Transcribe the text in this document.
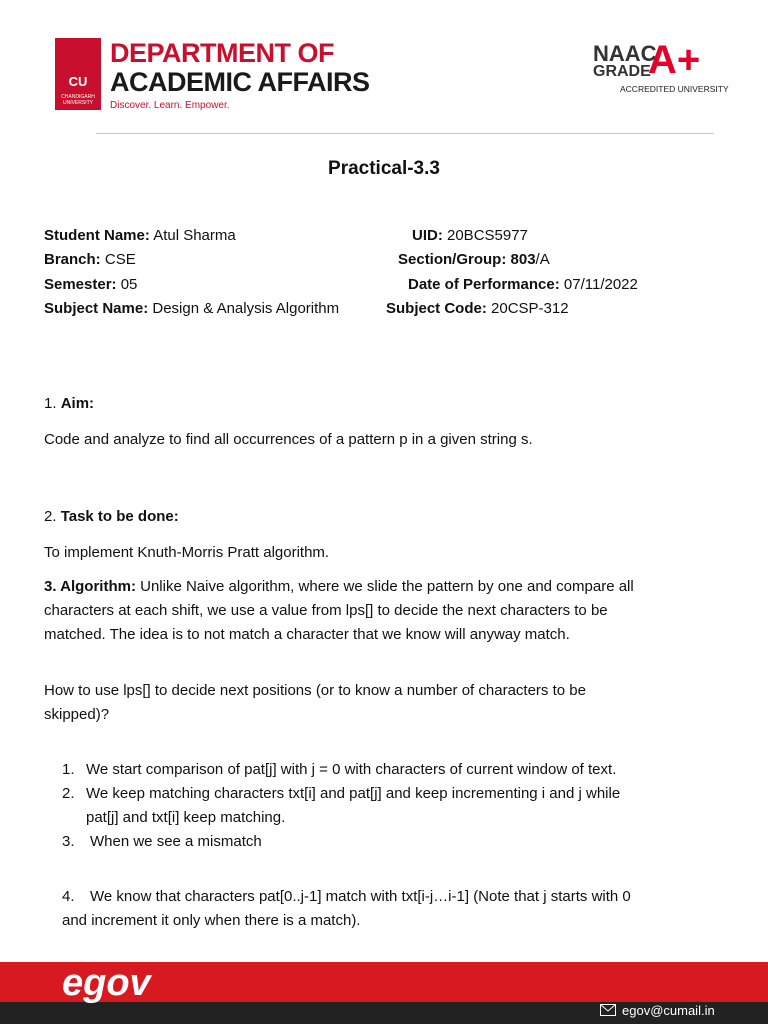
CU
CHANDIGARH UNIVERSITY
DEPARTMENT OF
ACADEMIC AFFAIRS
Discover. Learn. Empower.
NAAC
GRADE
A+
ACCREDITED UNIVERSITY
Practical-3.3
Student Name: Atul Sharma	UID: 20BCS5977
Branch: CSE	Section/Group: 803/A
Semester: 05	Date of Performance: 07/11/2022
Subject Name: Design & Analysis Algorithm	Subject Code: 20CSP-312
1. Aim:
Code and analyze to find all occurrences of a pattern p in a given string s.
2. Task to be done:
To implement Knuth-Morris Pratt algorithm.
3. Algorithm: Unlike Naive algorithm, where we slide the pattern by one and compare all
characters at each shift, we use a value from lps[] to decide the next characters to be
matched. The idea is to not match a character that we know will anyway match.
How to use lps[] to decide next positions (or to know a number of characters to be
skipped)?
1. We start comparison of pat[j] with j = 0 with characters of current window of text.
2. We keep matching characters txt[i] and pat[j] and keep incrementing i and j while
pat[j] and txt[i] keep matching.
3. When we see a mismatch
4. We know that characters pat[0..j-1] match with txt[i-j…i-1] (Note that j starts with 0
and increment it only when there is a match).
egov
egov@cumail.in
